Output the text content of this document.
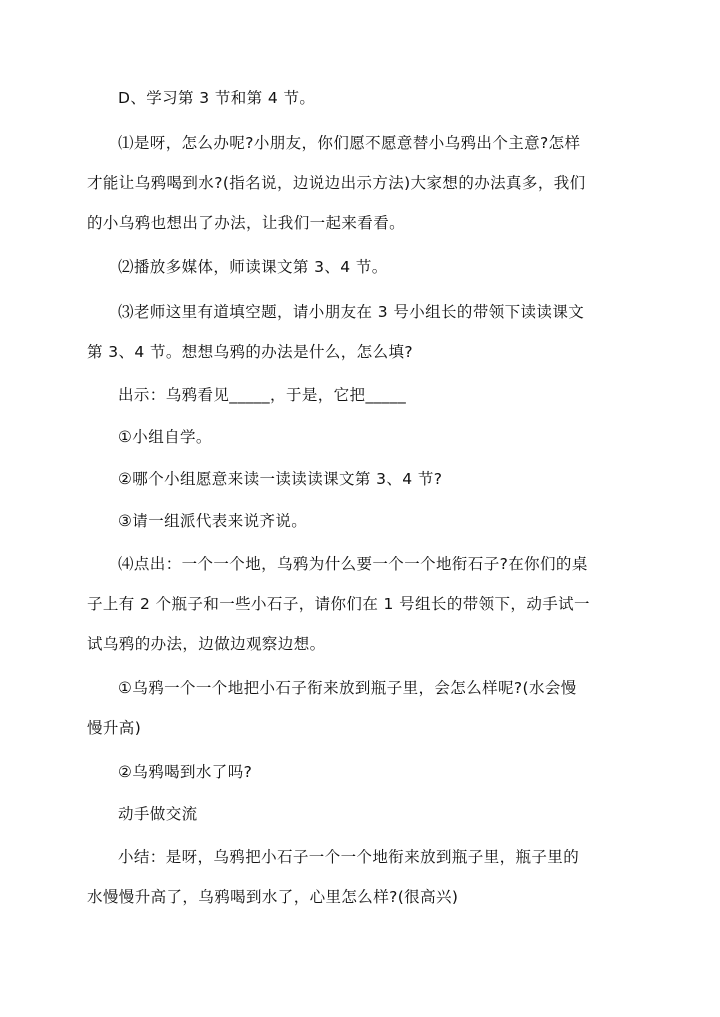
D、学习第 3 节和第 4 节。

⑴是呀，怎么办呢?小朋友，你们愿不愿意替小乌鸦出个主意?怎样
才能让乌鸦喝到水?(指名说，边说边出示方法)大家想的办法真多，我们
的小乌鸦也想出了办法，让我们一起来看看。

⑵播放多媒体，师读课文第 3、4 节。

⑶老师这里有道填空题，请小朋友在 3 号小组长的带领下读读课文
第 3、4 节。想想乌鸦的办法是什么，怎么填?

出示：乌鸦看见_____，于是，它把_____

①小组自学。

②哪个小组愿意来读一读读读课文第 3、4 节?

③请一组派代表来说齐说。

⑷点出：一个一个地，乌鸦为什么要一个一个地衔石子?在你们的桌
子上有 2 个瓶子和一些小石子，请你们在 1 号组长的带领下，动手试一
试乌鸦的办法，边做边观察边想。

①乌鸦一个一个地把小石子衔来放到瓶子里，会怎么样呢?(水会慢
慢升高)

②乌鸦喝到水了吗?

动手做交流

小结：是呀，乌鸦把小石子一个一个地衔来放到瓶子里，瓶子里的
水慢慢升高了，乌鸦喝到水了，心里怎么样?(很高兴)
